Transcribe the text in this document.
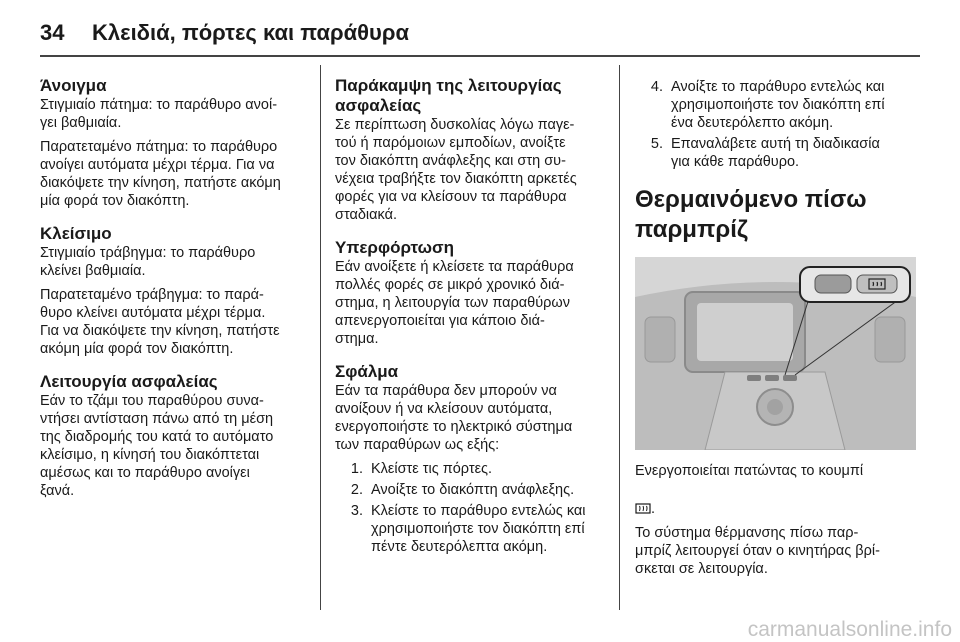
34	Κλειδιά, πόρτες και παράθυρα
Άνοιγμα

Στιγμιαίο πάτημα: το παράθυρο ανοί-
γει βαθμιαία.

Παρατεταμένο πάτημα: το παράθυρο
ανοίγει αυτόματα μέχρι τέρμα. Για να
διακόψετε την κίνηση, πατήστε ακόμη
μία φορά τον διακόπτη.

Κλείσιμο

Στιγμιαίο τράβηγμα: το παράθυρο
κλείνει βαθμιαία.

Παρατεταμένο τράβηγμα: το παρά-
θυρο κλείνει αυτόματα μέχρι τέρμα.
Για να διακόψετε την κίνηση, πατήστε
ακόμη μία φορά τον διακόπτη.

Λειτουργία ασφαλείας

Εάν το τζάμι του παραθύρου συνα-
ντήσει αντίσταση πάνω από τη μέση
της διαδρομής του κατά το αυτόματο
κλείσιμο, η κίνησή του διακόπτεται
αμέσως και το παράθυρο ανοίγει
ξανά.

Παράκαμψη της λειτουργίας
ασφαλείας

Σε περίπτωση δυσκολίας λόγω παγε-
τού ή παρόμοιων εμποδίων, ανοίξτε
τον διακόπτη ανάφλεξης και στη συ-
νέχεια τραβήξτε τον διακόπτη αρκετές
φορές για να κλείσουν τα παράθυρα
σταδιακά.

Υπερφόρτωση

Εάν ανοίξετε ή κλείσετε τα παράθυρα
πολλές φορές σε μικρό χρονικό διά-
στημα, η λειτουργία των παραθύρων
απενεργοποιείται για κάποιο διά-
στημα.

Σφάλμα

Εάν τα παράθυρα δεν μπορούν να
ανοίξουν ή να κλείσουν αυτόματα,
ενεργοποιήστε το ηλεκτρικό σύστημα
των παραθύρων ως εξής:

1. Κλείστε τις πόρτες.
2. Ανοίξτε το διακόπτη ανάφλεξης.
3. Κλείστε το παράθυρο εντελώς και
χρησιμοποιήστε τον διακόπτη επί
πέντε δευτερόλεπτα ακόμη.
4. Ανοίξτε το παράθυρο εντελώς και
χρησιμοποιήστε τον διακόπτη επί
ένα δευτερόλεπτο ακόμη.
5. Επαναλάβετε αυτή τη διαδικασία
για κάθε παράθυρο.
Θερμαινόμενο πίσω
παρμπρίζ

Ενεργοποιείται πατώντας το κουμπί

.

Το σύστημα θέρμανσης πίσω παρ-
μπρίζ λειτουργεί όταν ο κινητήρας βρί-
σκεται σε λειτουργία.

carmanualsonline.info
